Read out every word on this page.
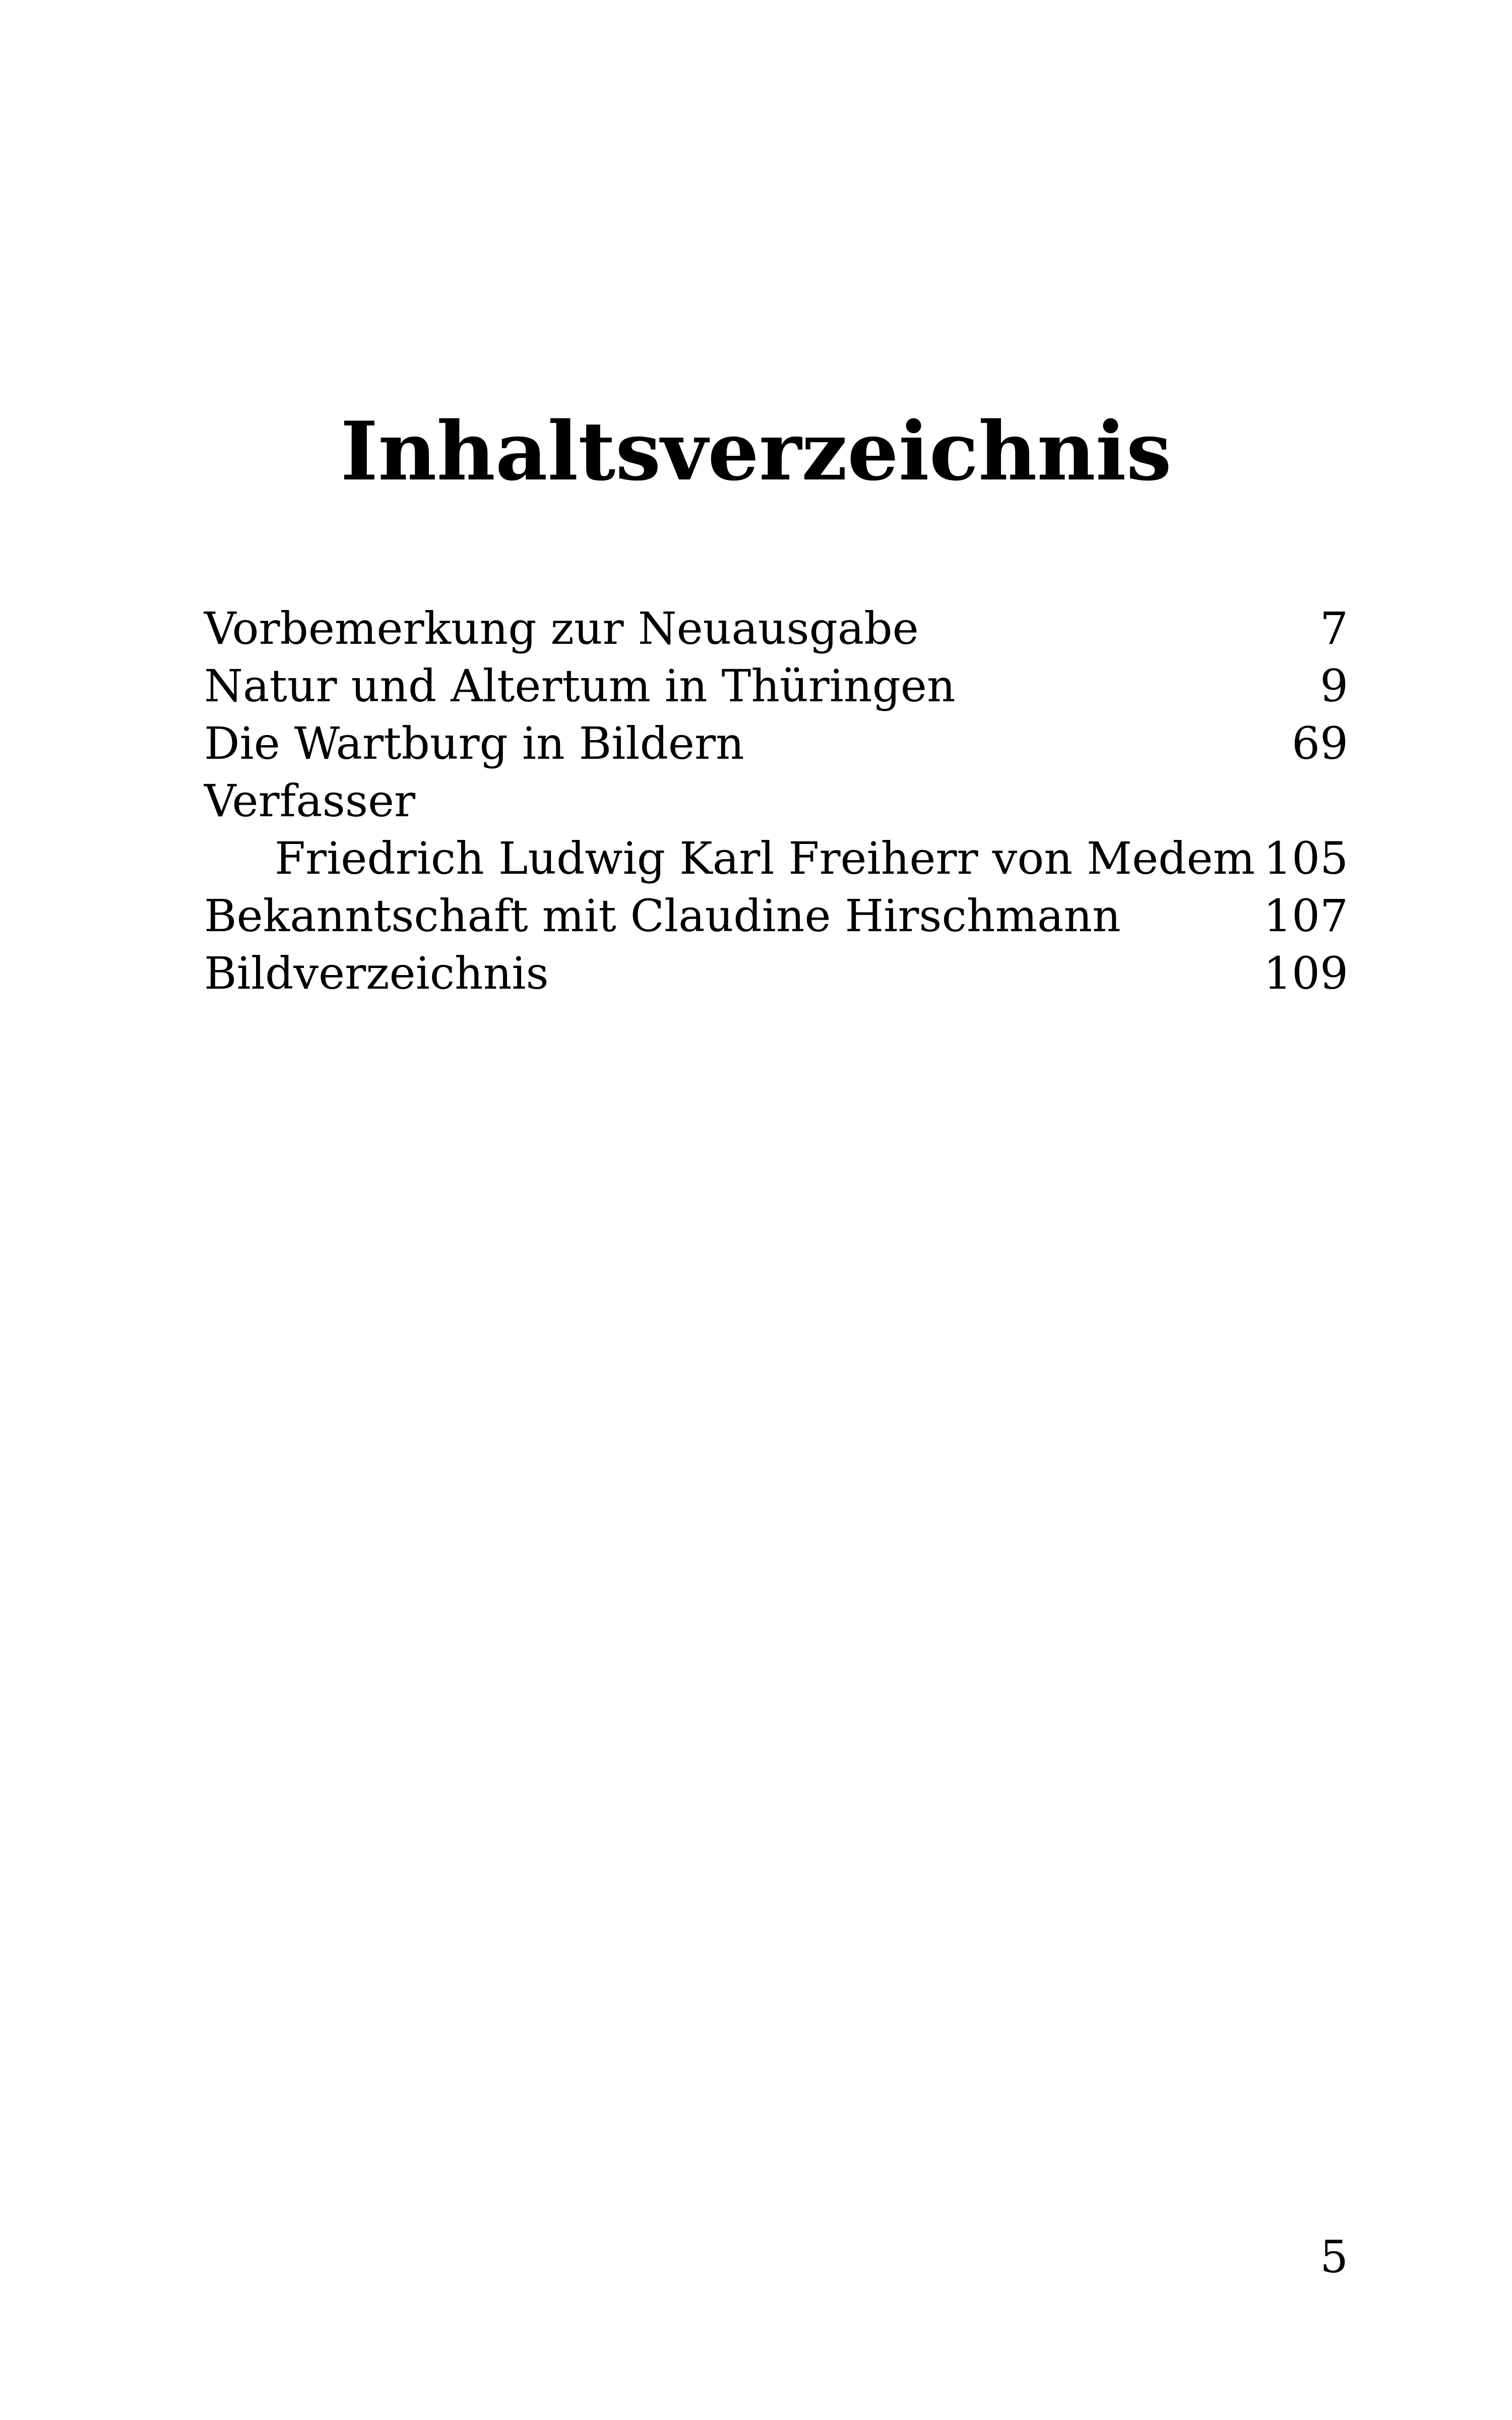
Inhaltsverzeichnis
Vorbemerkung zur Neuausgabe	7
Natur und Altertum in Thüringen	9
Die Wartburg in Bildern	69
Verfasser
Friedrich Ludwig Karl Freiherr von Medem 105
Bekanntschaft mit Claudine Hirschmann	107
Bildverzeichnis	109
5
